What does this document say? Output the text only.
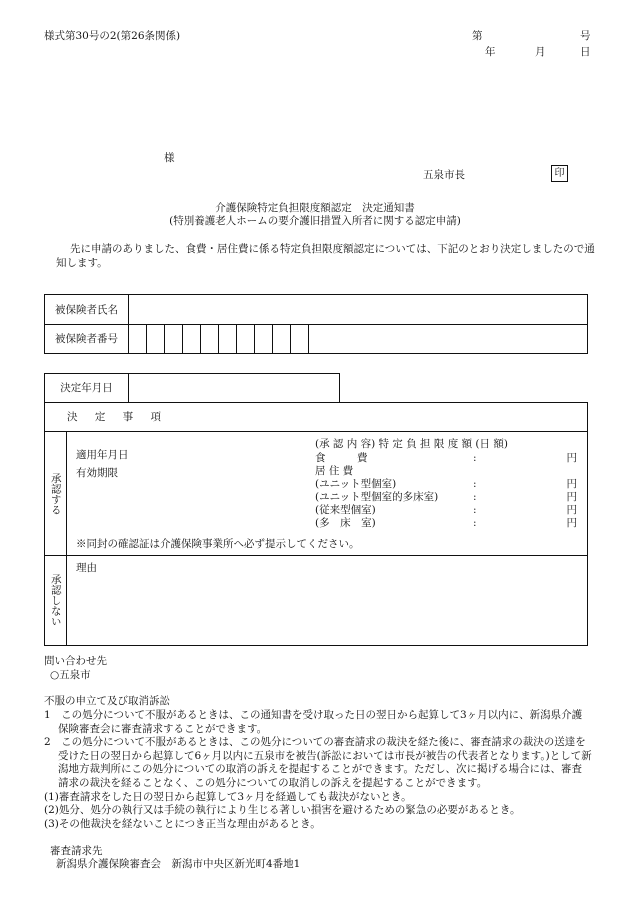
様式第30号の2(第26条関係)	第	号
年	月	日
様
五泉市長	印
介護保険特定負担限度額認定　決定通知書
(特別養護老人ホームの要介護旧措置入所者に関する認定申請)
先に申請のありました、食費・居住費に係る特定負担限度額認定については、下記のとおり決定しましたので通知します。
被保険者氏名
被保険者番号
決定年月日
決 定 事 項
承認する
適用年月日
有効期限
(承 認 内 容) 特 定 負 担 限 度 額 (日 額)
食　　　費	:	円
居 住 費
(ユニット型個室)	:	円
(ユニット型個室的多床室)	:	円
(従来型個室)	:	円
(多　床　室)	:	円
※同封の確認証は介護保険事業所へ必ず提示してください。
承認しない
理由

問い合わせ先

○五泉市

不服の申立て及び取消訴訟

1　この処分について不服があるときは、この通知書を受け取った日の翌日から起算して3ヶ月以内に、新潟県介護保険審査会に審査請求することができます。

2　この処分について不服があるときは、この処分についての審査請求の裁決を経た後に、審査請求の裁決の送達を受けた日の翌日から起算して6ヶ月以内に五泉市を被告(訴訟においては市長が被告の代表者となります。)として新潟地方裁判所にこの処分についての取消の訴えを提起することができます。ただし、次に掲げる場合には、審査請求の裁決を経ることなく、この処分についての取消しの訴えを提起することができます。

(1)審査請求をした日の翌日から起算して3ヶ月を経過しても裁決がないとき。

(2)処分、処分の執行又は手続の執行により生じる著しい損害を避けるための緊急の必要があるとき。

(3)その他裁決を経ないことにつき正当な理由があるとき。

審査請求先

新潟県介護保険審査会　新潟市中央区新光町4番地1
